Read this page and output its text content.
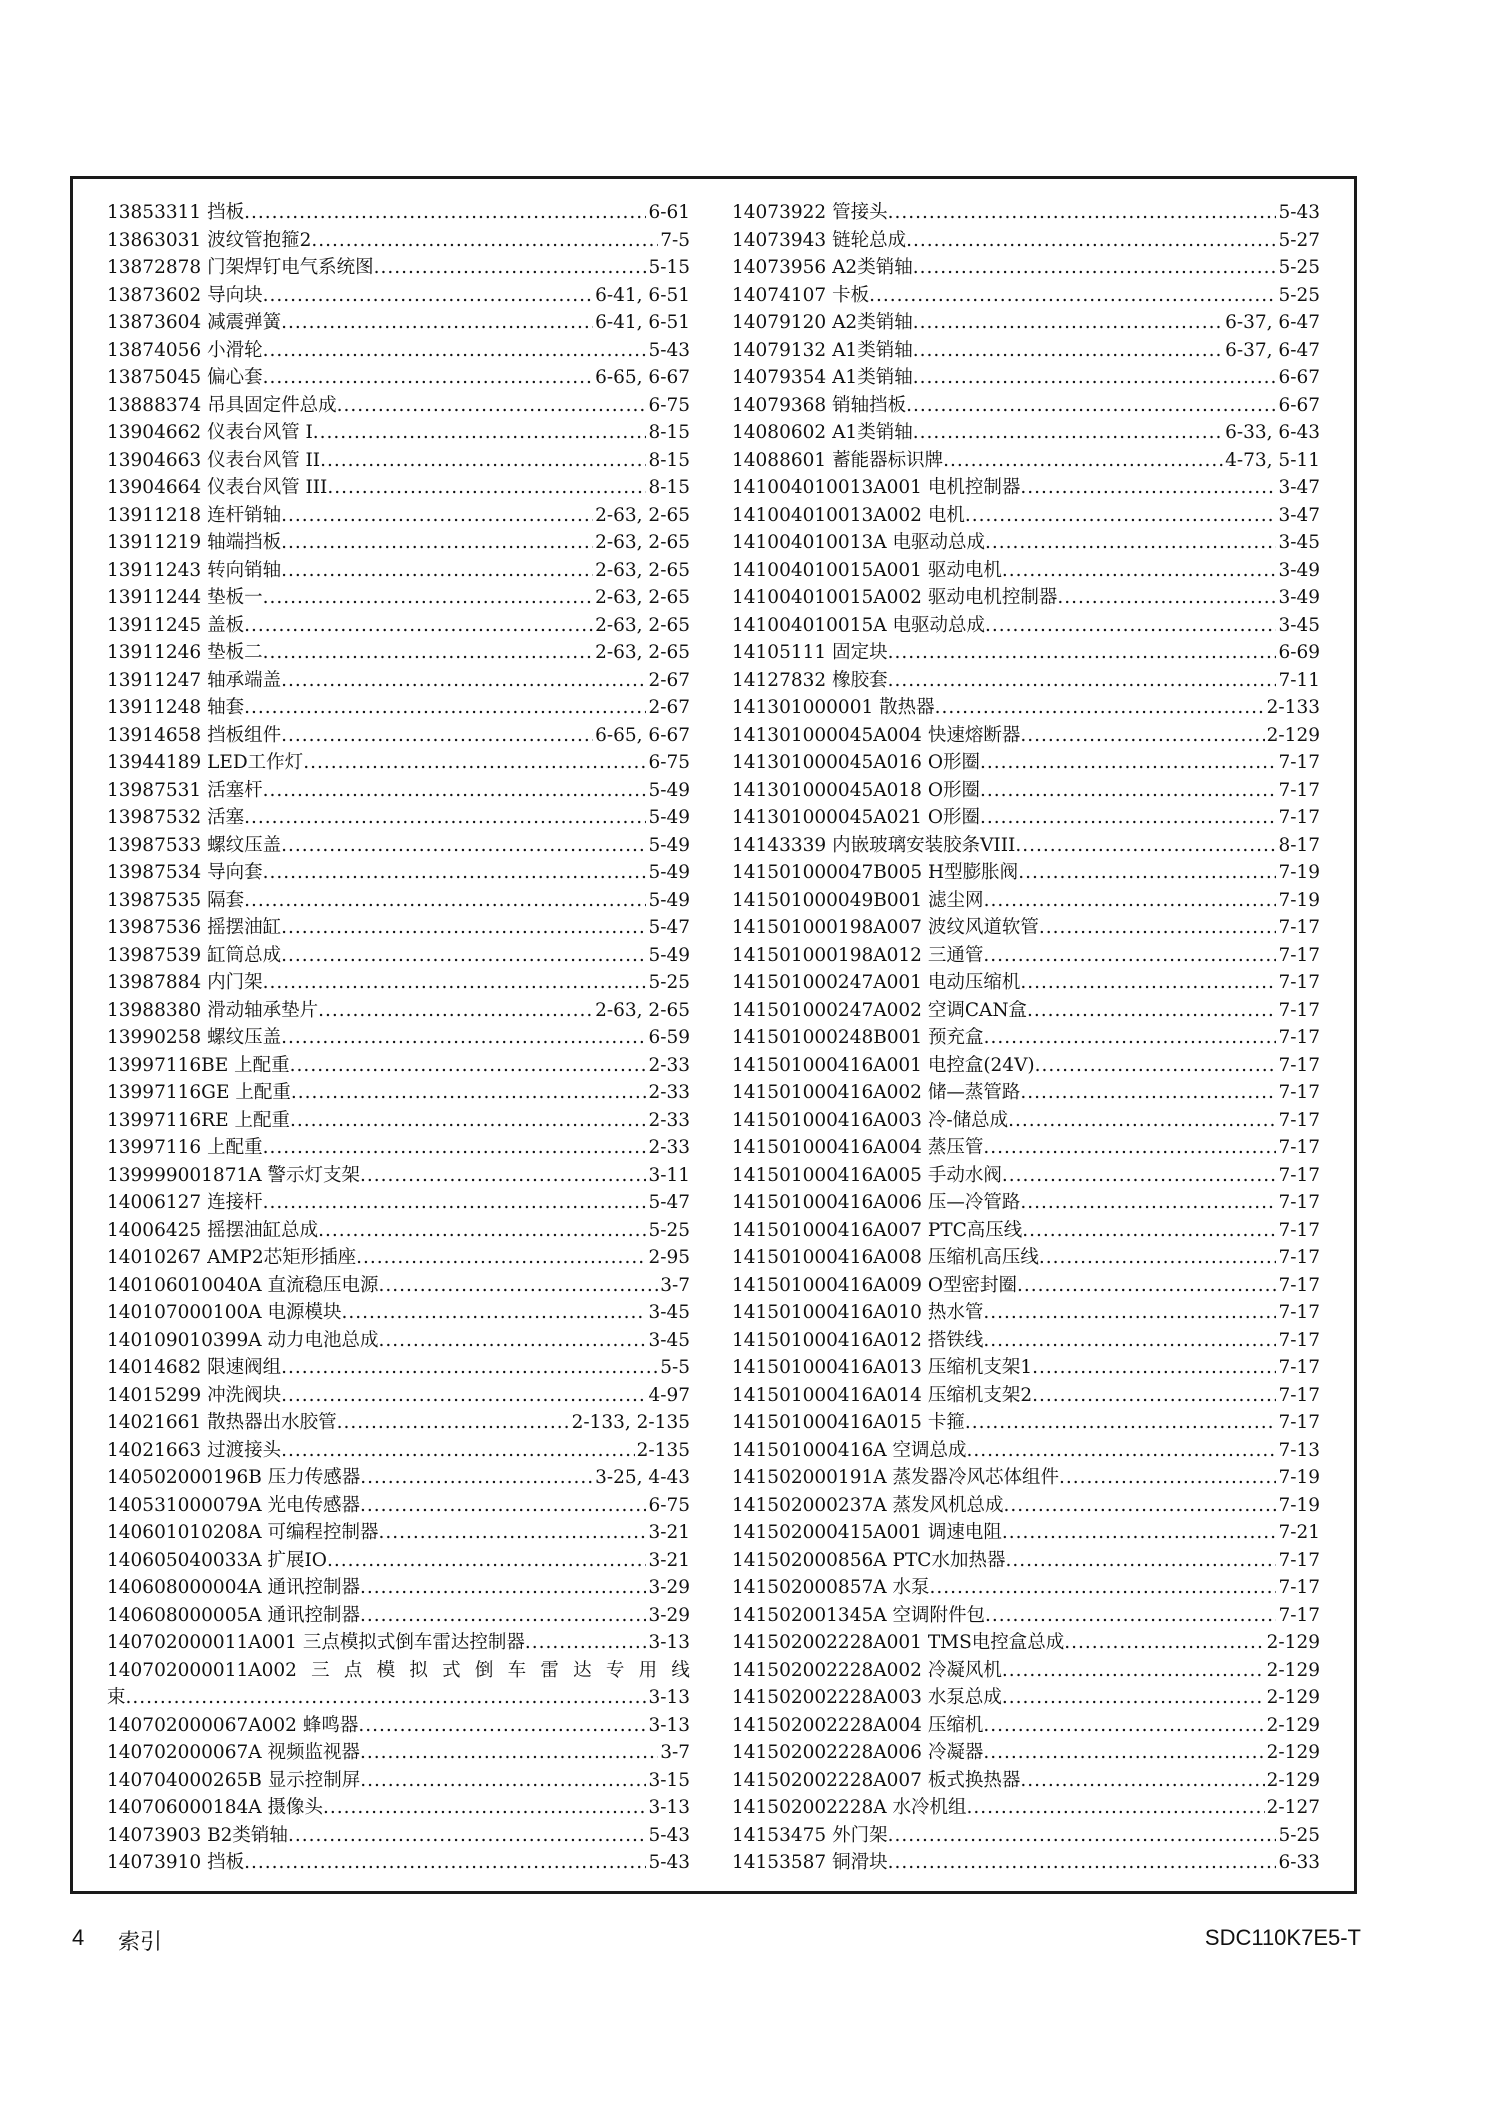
13853311 挡板 .....	6-61
13863031 波纹管抱箍2 .....	7-5
13872878 门架焊钉电气系统图 .....	5-15
13873602 导向块 .....	6-41, 6-51
13873604 减震弹簧 .....	6-41, 6-51
13874056 小滑轮 .....	5-43
13875045 偏心套 .....	6-65, 6-67
13888374 吊具固定件总成 .....	6-75
13904662 仪表台风管 I .....	8-15
13904663 仪表台风管 II .....	8-15
13904664 仪表台风管 III .....	8-15
13911218 连杆销轴 .....	2-63, 2-65
13911219 轴端挡板 .....	2-63, 2-65
13911243 转向销轴 .....	2-63, 2-65
13911244 垫板一 .....	2-63, 2-65
13911245 盖板 .....	2-63, 2-65
13911246 垫板二 .....	2-63, 2-65
13911247 轴承端盖 .....	2-67
13911248 轴套 .....	2-67
13914658 挡板组件 .....	6-65, 6-67
13944189 LED工作灯 .....	6-75
13987531 活塞杆 .....	5-49
13987532 活塞 .....	5-49
13987533 螺纹压盖 .....	5-49
13987534 导向套 .....	5-49
13987535 隔套 .....	5-49
13987536 摇摆油缸 .....	5-47
13987539 缸筒总成 .....	5-49
13987884 内门架 .....	5-25
13988380 滑动轴承垫片 .....	2-63, 2-65
13990258 螺纹压盖 .....	6-59
13997116BE 上配重 .....	2-33
13997116GE 上配重 .....	2-33
13997116RE 上配重 .....	2-33
13997116 上配重 .....	2-33
139999001871A 警示灯支架 .....	3-11
14006127 连接杆 .....	5-47
14006425 摇摆油缸总成 .....	5-25
14010267 AMP2芯矩形插座 .....	2-95
140106010040A 直流稳压电源 .....	3-7
140107000100A 电源模块 .....	3-45
140109010399A 动力电池总成 .....	3-45
14014682 限速阀组 .....	5-5
14015299 冲洗阀块 .....	4-97
14021661 散热器出水胶管 .....	2-133, 2-135
14021663 过渡接头 .....	2-135
140502000196B 压力传感器 .....	3-25, 4-43
140531000079A 光电传感器 .....	6-75
140601010208A 可编程控制器 .....	3-21
140605040033A 扩展IO .....	3-21
140608000004A 通讯控制器 .....	3-29
140608000005A 通讯控制器 .....	3-29
140702000011A001 三点模拟式倒车雷达控制器 .....	3-13
140702000011A002 三 点 模 拟 式 倒 车 雷 达 专 用 线
束 .....	3-13
140702000067A002 蜂鸣器 .....	3-13
140702000067A 视频监视器 .....	3-7
140704000265B 显示控制屏 .....	3-15
140706000184A 摄像头 .....	3-13
14073903 B2类销轴 .....	5-43
14073910 挡板 .....	5-43
14073922 管接头 .....	5-43
14073943 链轮总成 .....	5-27
14073956 A2类销轴 .....	5-25
14074107 卡板 .....	5-25
14079120 A2类销轴 .....	6-37, 6-47
14079132 A1类销轴 .....	6-37, 6-47
14079354 A1类销轴 .....	6-67
14079368 销轴挡板 .....	6-67
14080602 A1类销轴 .....	6-33, 6-43
14088601 蓄能器标识牌 .....	4-73, 5-11
141004010013A001 电机控制器 .....	3-47
141004010013A002 电机 .....	3-47
141004010013A 电驱动总成 .....	3-45
141004010015A001 驱动电机 .....	3-49
141004010015A002 驱动电机控制器 .....	3-49
141004010015A 电驱动总成 .....	3-45
14105111 固定块 .....	6-69
14127832 橡胶套 .....	7-11
141301000001 散热器 .....	2-133
141301000045A004 快速熔断器 .....	2-129
141301000045A016 O形圈 .....	7-17
141301000045A018 O形圈 .....	7-17
141301000045A021 O形圈 .....	7-17
14143339 内嵌玻璃安装胶条VIII .....	8-17
141501000047B005 H型膨胀阀 .....	7-19
141501000049B001 滤尘网 .....	7-19
141501000198A007 波纹风道软管 .....	7-17
141501000198A012 三通管 .....	7-17
141501000247A001 电动压缩机 .....	7-17
141501000247A002 空调CAN盒 .....	7-17
141501000248B001 预充盒 .....	7-17
141501000416A001 电控盒(24V) .....	7-17
141501000416A002 储—蒸管路 .....	7-17
141501000416A003 冷-储总成 .....	7-17
141501000416A004 蒸压管 .....	7-17
141501000416A005 手动水阀 .....	7-17
141501000416A006 压—冷管路 .....	7-17
141501000416A007 PTC高压线 .....	7-17
141501000416A008 压缩机高压线 .....	7-17
141501000416A009 O型密封圈 .....	7-17
141501000416A010 热水管 .....	7-17
141501000416A012 搭铁线 .....	7-17
141501000416A013 压缩机支架1 .....	7-17
141501000416A014 压缩机支架2 .....	7-17
141501000416A015 卡箍 .....	7-17
141501000416A 空调总成 .....	7-13
141502000191A 蒸发器冷风芯体组件 .....	7-19
141502000237A 蒸发风机总成 .....	7-19
141502000415A001 调速电阻 .....	7-21
141502000856A PTC水加热器 .....	7-17
141502000857A 水泵 .....	7-17
141502001345A 空调附件包 .....	7-17
141502002228A001 TMS电控盒总成 .....	2-129
141502002228A002 冷凝风机 .....	2-129
141502002228A003 水泵总成 .....	2-129
141502002228A004 压缩机 .....	2-129
141502002228A006 冷凝器 .....	2-129
141502002228A007 板式换热器 .....	2-129
141502002228A 水冷机组 .....	2-127
14153475 外门架 .....	5-25
14153587 铜滑块 .....	6-33
4 索引	SDC110K7E5-T
